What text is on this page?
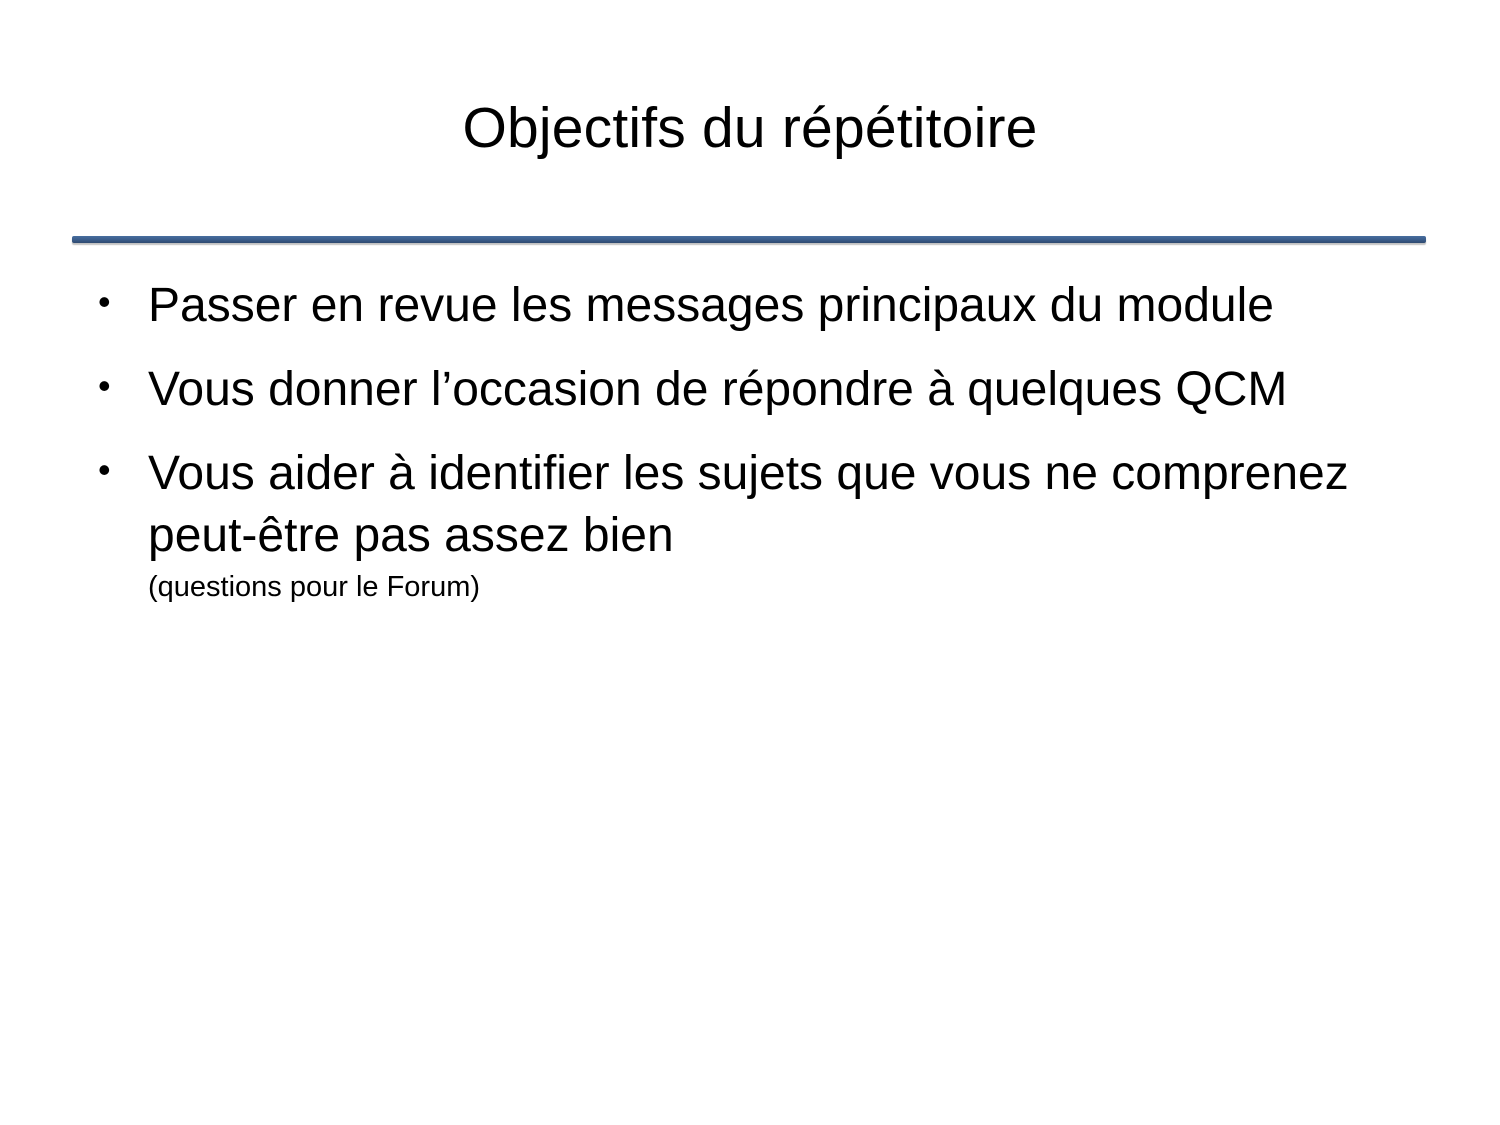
Objectifs du répétitoire
• Passer en revue les messages principaux du module
• Vous donner l’occasion de répondre à quelques QCM
• Vous aider à identifier les sujets que vous ne comprenez peut-être pas assez bien
(questions pour le Forum)
